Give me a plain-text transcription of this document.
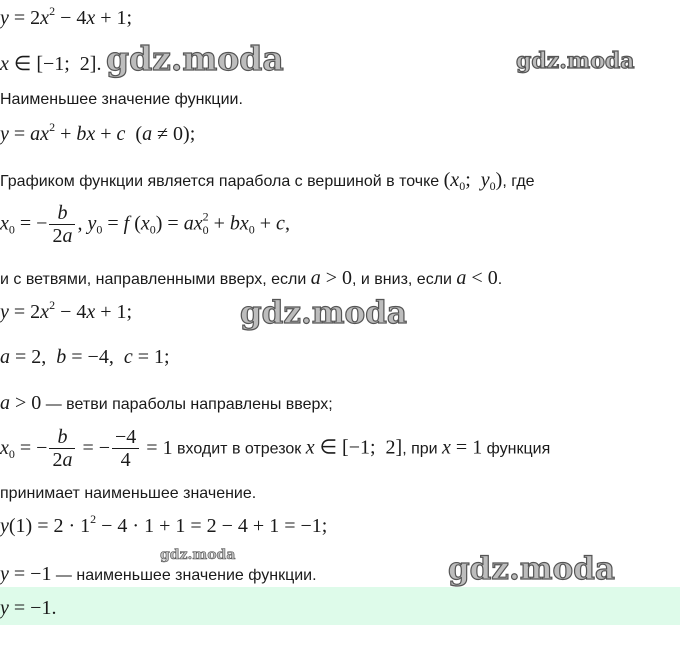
$y = 2x^2 - 4x + 1$;
x ∈ [−1;  2].
Наименьшее значение функции.
$y = ax^2$ + bx + c  (a ≠ 0);
Графиком функции является парабола с вершиной в точке ($x_0$;  $y_0$), где
$x_0$ = − $\frac{b}{2a}$ , $y_0 = f$ $(x_0) = ax^2_0 + bx_0 + c$,
и с ветвями, направленными вверх, если a > 0, и вниз, если a < 0.
$y = 2x^2 - 4x + 1$;
a = 2,  b = −4,  c = 1;
a > 0 — ветви параболы направлены вверх;
$x_0$ = − $\frac{b}{2a}$ = − $\frac{-4}{4} = 1$ входит в отрезок x ∈ [−1;  2], при x = 1 функция
принимает наименьшее значение.
$y(1) = 2 \cdot 1^2 - 4 \cdot 1 + 1 = 2 - 4 + 1 = -1$;
y = −1 — наименьшее значение функции.
y = −1.
gdz.moda	gdz.moda
gdz.moda
gdz.moda	gdz.moda
